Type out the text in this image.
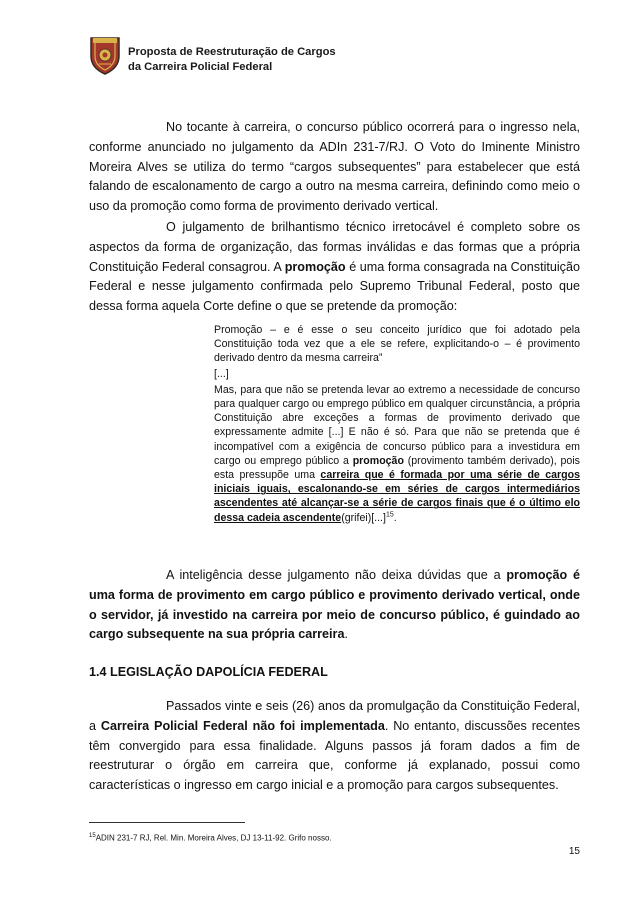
Proposta de Reestruturação de Cargos
da Carreira Policial Federal

No tocante à carreira, o concurso público ocorrerá para o ingresso nela, conforme anunciado no julgamento da ADIn 231-7/RJ. O Voto do Iminente Ministro Moreira Alves se utiliza do termo “cargos subsequentes” para estabelecer que está falando de escalonamento de cargo a outro na mesma carreira, definindo como meio o uso da promoção como forma de provimento derivado vertical.

O julgamento de brilhantismo técnico irretocável é completo sobre os aspectos da forma de organização, das formas inválidas e das formas que a própria Constituição Federal consagrou. A promoção é uma forma consagrada na Constituição Federal e nesse julgamento confirmada pelo Supremo Tribunal Federal, posto que dessa forma aquela Corte define o que se pretende da promoção:

Promoção – e é esse o seu conceito jurídico que foi adotado pela Constituição toda vez que a ele se refere, explicitando-o – é provimento derivado dentro da mesma carreira”

[...]

Mas, para que não se pretenda levar ao extremo a necessidade de concurso para qualquer cargo ou emprego público em qualquer circunstância, a própria Constituição abre exceções a formas de provimento derivado que expressamente admite [...] E não é só. Para que não se pretenda que é incompatível com a exigência de concurso público para a investidura em cargo ou emprego público a promoção (provimento também derivado), pois esta pressupõe uma carreira que é formada por uma série de cargos iniciais iguais, escalonando-se em séries de cargos intermediários ascendentes até alcançar-se a série de cargos finais que é o último elo dessa cadeia ascendente(grifei)[...]$^{15}$.

A inteligência desse julgamento não deixa dúvidas que a promoção é uma forma de provimento em cargo público e provimento derivado vertical, onde o servidor, já investido na carreira por meio de concurso público, é guindado ao cargo subsequente na sua própria carreira.

1.4 LEGISLAÇÃO DAPOLÍCIA FEDERAL

Passados vinte e seis (26) anos da promulgação da Constituição Federal, a Carreira Policial Federal não foi implementada. No entanto, discussões recentes têm convergido para essa finalidade. Alguns passos já foram dados a fim de reestruturar o órgão em carreira que, conforme já explanado, possui como características o ingresso em cargo inicial e a promoção para cargos subsequentes.

$^{15}$ADIN 231-7 RJ, Rel. Min. Moreira Alves, DJ 13-11-92. Grifo nosso.
15
